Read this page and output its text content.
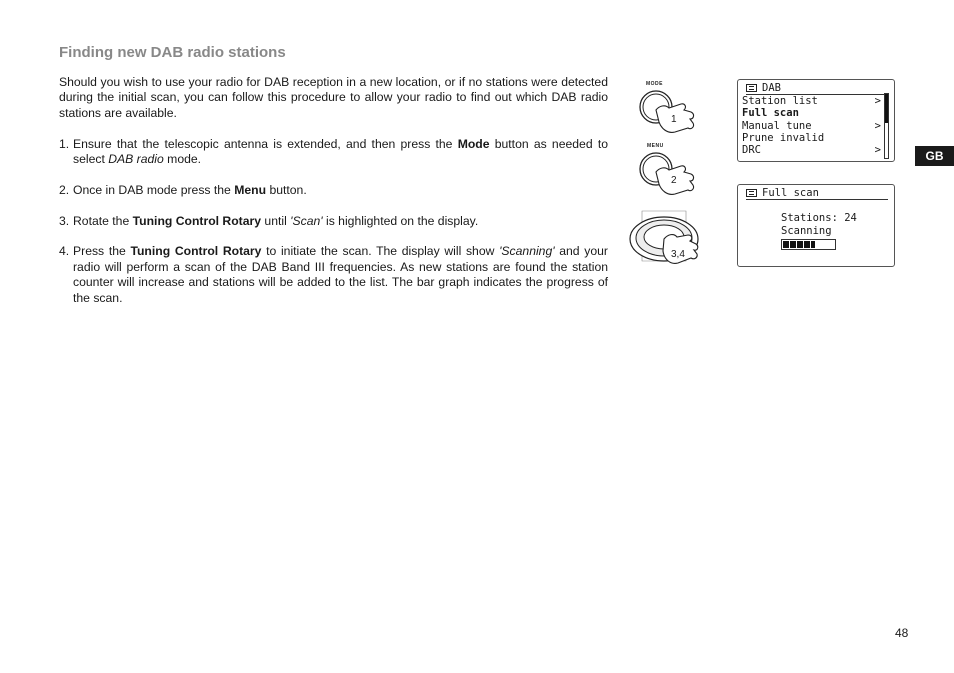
Finding new DAB radio stations

Should you wish to use your radio for DAB reception in a new location, or if no stations were detected during the initial scan, you can follow this procedure to allow your radio to find out which DAB radio stations are available.

1. Ensure that the telescopic antenna is extended, and then press the Mode button as needed to select DAB radio mode.
2. Once in DAB mode press the Menu button.
3. Rotate the Tuning Control Rotary until 'Scan' is highlighted on the display.
4. Press the Tuning Control Rotary to initiate the scan. The display will show 'Scanning' and your radio will perform a scan of the DAB Band III frequencies. As new stations are found the station counter will increase and stations will be added to the list. The bar graph indicates the progress of the scan.
MODE
1
MENU
2
3,4
DAB
Station list	>
Full scan
Manual tune	>
Prune invalid
DRC	>
Full scan
Stations: 24
Scanning
GB
48
